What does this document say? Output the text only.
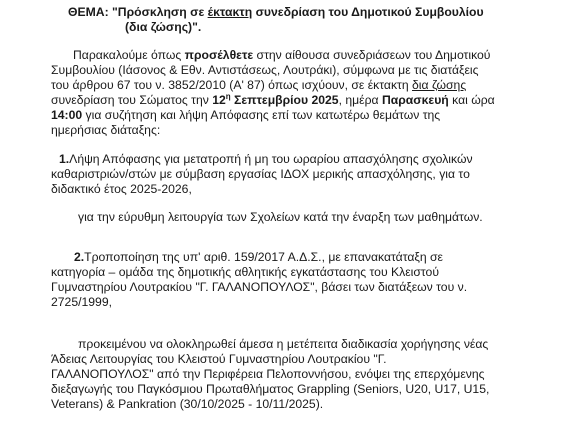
ΘΕΜΑ: "Πρόσκληση σε έκτακτη συνεδρίαση του Δημοτικού Συμβουλίου
(δια ζώσης)".
Παρακαλούμε όπως προσέλθετε στην αίθουσα συνεδριάσεων του Δημοτικού
Συμβουλίου (Ιάσονος & Εθν. Αντιστάσεως, Λουτράκι), σύμφωνα με τις διατάξεις
του άρθρου 67 του ν. 3852/2010 (Α' 87) όπως ισχύουν, σε έκτακτη δια ζώσης
συνεδρίαση του Σώματος την $12^\eta$ Σεπτεμβρίου 2025, ημέρα Παρασκευή και ώρα
14:00 για συζήτηση και λήψη Απόφασης επί των κατωτέρω θεμάτων της
ημερήσιας διάταξης:
1.Λήψη Απόφασης για μετατροπή ή μη του ωραρίου απασχόλησης σχολικών
καθαριστριών/στών με σύμβαση εργασίας ΙΔΟΧ μερικής απασχόλησης, για το
διδακτικό έτος 2025-2026,
για την εύρυθμη λειτουργία των Σχολείων κατά την έναρξη των μαθημάτων.
2.Τροποποίηση της υπ' αριθ. 159/2017 Α.Δ.Σ., με επανακατάταξη σε
κατηγορία – ομάδα της δημοτικής αθλητικής εγκατάστασης του Κλειστού
Γυμναστηρίου Λουτρακίου "Γ. ΓΑΛΑΝΟΠΟΥΛΟΣ", βάσει των διατάξεων του ν.
2725/1999,
προκειμένου να ολοκληρωθεί άμεσα η μετέπειτα διαδικασία χορήγησης νέας
Άδειας Λειτουργίας του Κλειστού Γυμναστηρίου Λουτρακίου "Γ.
ΓΑΛΑΝΟΠΟΥΛΟΣ" από την Περιφέρεια Πελοποννήσου, ενόψει της επερχόμενης
διεξαγωγής του Παγκόσμιου Πρωταθλήματος Grappling (Seniors, U20, U17, U15,
Veterans) & Pankration (30/10/2025 - 10/11/2025).
